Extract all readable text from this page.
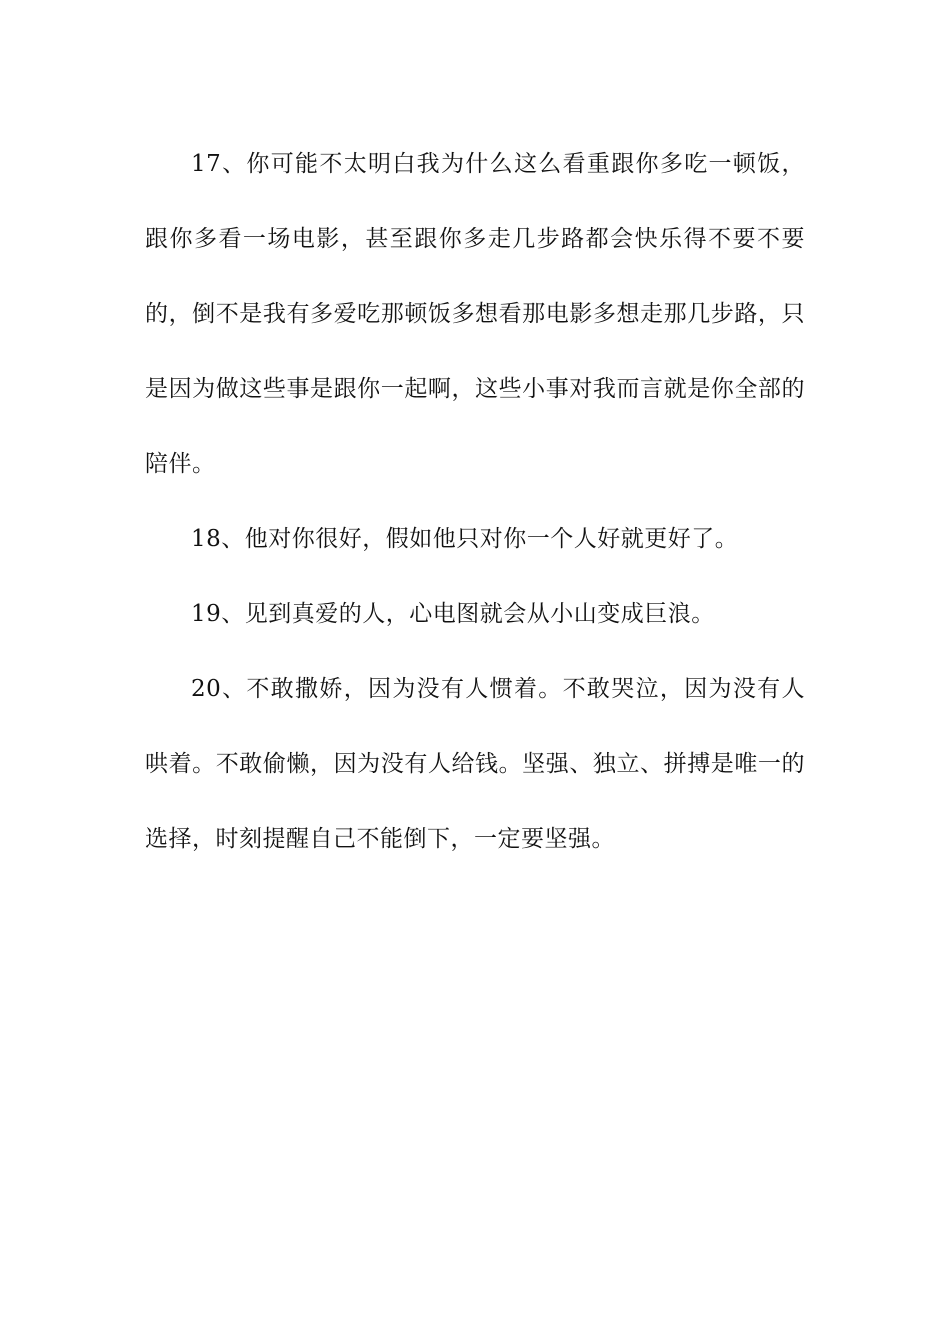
17、你可能不太明白我为什么这么看重跟你多吃一顿饭，跟你多看一场电影，甚至跟你多走几步路都会快乐得不要不要的，倒不是我有多爱吃那顿饭多想看那电影多想走那几步路，只是因为做这些事是跟你一起啊，这些小事对我而言就是你全部的陪伴。

18、他对你很好，假如他只对你一个人好就更好了。

19、见到真爱的人，心电图就会从小山变成巨浪。

20、不敢撒娇，因为没有人惯着。不敢哭泣，因为没有人哄着。不敢偷懒，因为没有人给钱。坚强、独立、拼搏是唯一的选择，时刻提醒自己不能倒下，一定要坚强。
